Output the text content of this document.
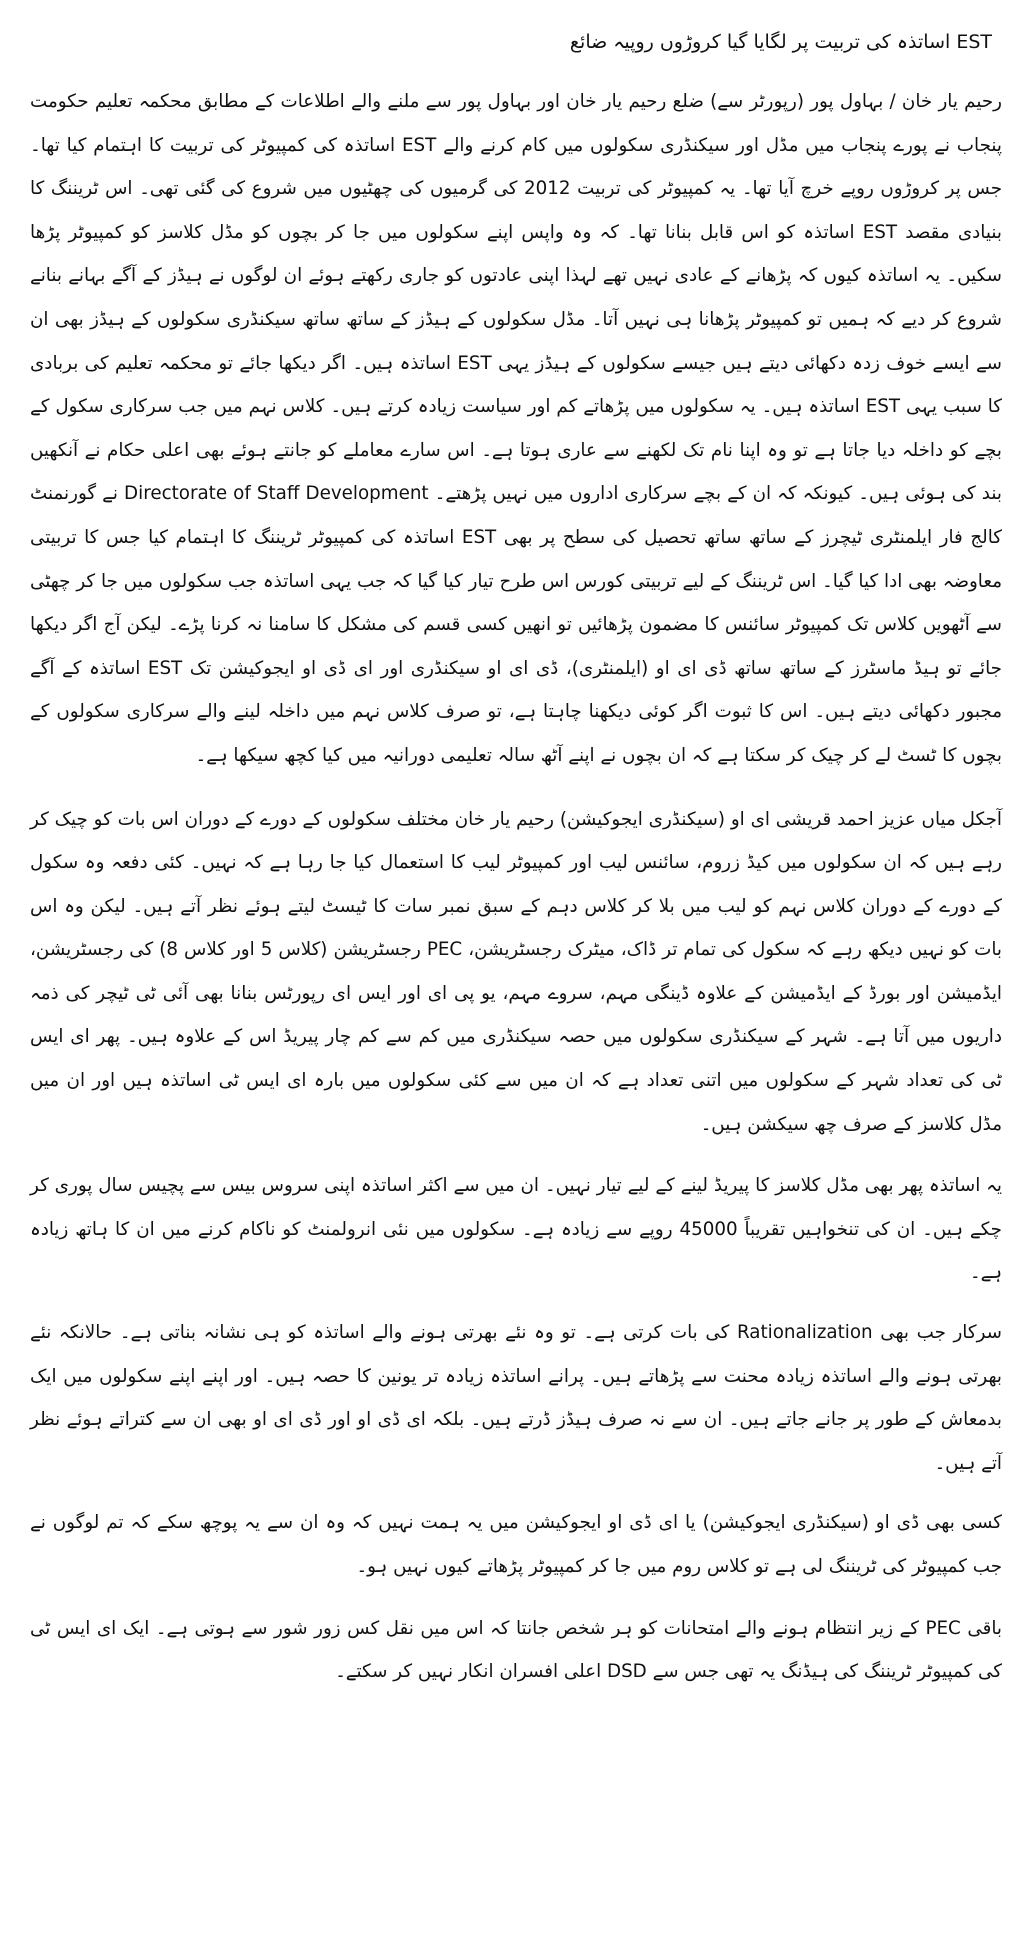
EST اساتذہ کی تربیت پر لگایا گیا کروڑوں روپیہ ضائع

رحیم یار خان / بہاول پور (رپورٹر سے) ضلع رحیم یار خان اور بہاول پور سے ملنے والے اطلاعات کے مطابق محکمہ تعلیم حکومت پنجاب نے پورے پنجاب میں مڈل اور سیکنڈری سکولوں میں کام کرنے والے EST اساتذہ کی کمپیوٹر کی تربیت کا اہتمام کیا تھا۔ جس پر کروڑوں روپے خرچ آیا تھا۔ یہ کمپیوٹر کی تربیت 2012 کی گرمیوں کی چھٹیوں میں شروع کی گئی تھی۔ اس ٹریننگ کا بنیادی مقصد EST اساتذہ کو اس قابل بنانا تھا۔ کہ وہ واپس اپنے سکولوں میں جا کر بچوں کو مڈل کلاسز کو کمپیوٹر پڑھا سکیں۔ یہ اساتذہ کیوں کہ پڑھانے کے عادی نہیں تھے لہذا اپنی عادتوں کو جاری رکھتے ہوئے ان لوگوں نے ہیڈز کے آگے بہانے بنانے شروع کر دیے کہ ہمیں تو کمپیوٹر پڑھانا ہی نہیں آتا۔ مڈل سکولوں کے ہیڈز کے ساتھ ساتھ سیکنڈری سکولوں کے ہیڈز بھی ان سے ایسے خوف زدہ دکھائی دیتے ہیں جیسے سکولوں کے ہیڈز یہی EST اساتذہ ہیں۔ اگر دیکھا جائے تو محکمہ تعلیم کی بربادی کا سبب یہی EST اساتذہ ہیں۔ یہ سکولوں میں پڑھاتے کم اور سیاست زیادہ کرتے ہیں۔ کلاس نہم میں جب سرکاری سکول کے بچے کو داخلہ دیا جاتا ہے تو وہ اپنا نام تک لکھنے سے عاری ہوتا ہے۔ اس سارے معاملے کو جانتے ہوئے بھی اعلی حکام نے آنکھیں بند کی ہوئی ہیں۔ کیونکہ کہ ان کے بچے سرکاری اداروں میں نہیں پڑھتے۔ Directorate of Staff Development نے گورنمنٹ کالج فار ایلمنٹری ٹیچرز کے ساتھ ساتھ تحصیل کی سطح پر بھی EST اساتذہ کی کمپیوٹر ٹریننگ کا اہتمام کیا جس کا تربیتی معاوضہ بھی ادا کیا گیا۔ اس ٹریننگ کے لیے تربیتی کورس اس طرح تیار کیا گیا کہ جب یہی اساتذہ جب سکولوں میں جا کر چھٹی سے آٹھویں کلاس تک کمپیوٹر سائنس کا مضمون پڑھائیں تو انھیں کسی قسم کی مشکل کا سامنا نہ کرنا پڑے۔ لیکن آج اگر دیکھا جائے تو ہیڈ ماسٹرز کے ساتھ ساتھ ڈی ای او (ایلمنٹری)، ڈی ای او سیکنڈری اور ای ڈی او ایجوکیشن تک EST اساتذہ کے آگے مجبور دکھائی دیتے ہیں۔ اس کا ثبوت اگر کوئی دیکھنا چاہتا ہے، تو صرف کلاس نہم میں داخلہ لینے والے سرکاری سکولوں کے بچوں کا ٹسٹ لے کر چیک کر سکتا ہے کہ ان بچوں نے اپنے آٹھ سالہ تعلیمی دورانیہ میں کیا کچھ سیکھا ہے۔

آجکل میاں عزیز احمد قریشی ای او (سیکنڈری ایجوکیشن) رحیم یار خان مختلف سکولوں کے دورے کے دوران اس بات کو چیک کر رہے ہیں کہ ان سکولوں میں کیڈ زروم، سائنس لیب اور کمپیوٹر لیب کا استعمال کیا جا رہا ہے کہ نہیں۔ کئی دفعہ وہ سکول کے دورے کے دوران کلاس نہم کو لیب میں بلا کر کلاس دہم کے سبق نمبر سات کا ٹیسٹ لیتے ہوئے نظر آتے ہیں۔ لیکن وہ اس بات کو نہیں دیکھ رہے کہ سکول کی تمام تر ڈاک، میٹرک رجسٹریشن، PEC رجسٹریشن (کلاس 5 اور کلاس 8) کی رجسٹریشن، ایڈمیشن اور بورڈ کے ایڈمیشن کے علاوہ ڈینگی مہم، سروے مہم، یو پی ای اور ایس ای رپورٹس بنانا بھی آئی ٹی ٹیچر کی ذمہ داریوں میں آتا ہے۔ شہر کے سیکنڈری سکولوں میں حصہ سیکنڈری میں کم سے کم چار پیریڈ اس کے علاوہ ہیں۔ پھر ای ایس ٹی کی تعداد شہر کے سکولوں میں اتنی تعداد ہے کہ ان میں سے کئی سکولوں میں بارہ ای ایس ٹی اساتذہ ہیں اور ان میں مڈل کلاسز کے صرف چھ سیکشن ہیں۔

یہ اساتذہ پھر بھی مڈل کلاسز کا پیریڈ لینے کے لیے تیار نہیں۔ ان میں سے اکثر اساتذہ اپنی سروس بیس سے پچیس سال پوری کر چکے ہیں۔ ان کی تنخواہیں تقریباً 45000 روپے سے زیادہ ہے۔ سکولوں میں نئی انرولمنٹ کو ناکام کرنے میں ان کا ہاتھ زیادہ ہے۔

سرکار جب بھی Rationalization کی بات کرتی ہے۔ تو وہ نئے بھرتی ہونے والے اساتذہ کو ہی نشانہ بناتی ہے۔ حالانکہ نئے بھرتی ہونے والے اساتذہ زیادہ محنت سے پڑھاتے ہیں۔ پرانے اساتذہ زیادہ تر یونین کا حصہ ہیں۔ اور اپنے اپنے سکولوں میں ایک بدمعاش کے طور پر جانے جاتے ہیں۔ ان سے نہ صرف ہیڈز ڈرتے ہیں۔ بلکہ ای ڈی او اور ڈی ای او بھی ان سے کتراتے ہوئے نظر آتے ہیں۔

کسی بھی ڈی او (سیکنڈری ایجوکیشن) یا ای ڈی او ایجوکیشن میں یہ ہمت نہیں کہ وہ ان سے یہ پوچھ سکے کہ تم لوگوں نے جب کمپیوٹر کی ٹریننگ لی ہے تو کلاس روم میں جا کر کمپیوٹر پڑھاتے کیوں نہیں ہو۔

باقی PEC کے زیر انتظام ہونے والے امتحانات کو ہر شخص جانتا کہ اس میں نقل کس زور شور سے ہوتی ہے۔ ایک ای ایس ٹی کی کمپیوٹر ٹریننگ کی ہیڈنگ یہ تھی جس سے DSD اعلی افسران انکار نہیں کر سکتے۔
